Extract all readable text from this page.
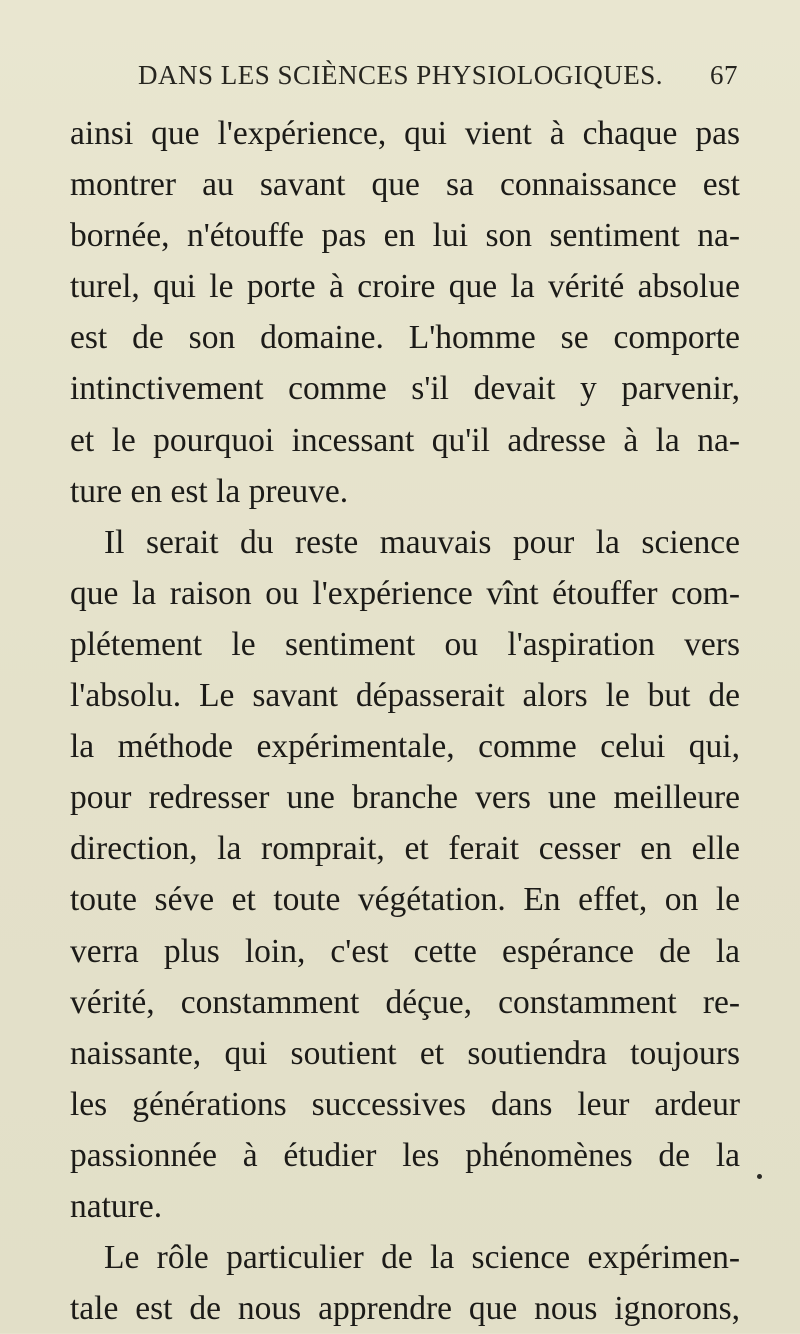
DANS LES SCIÈNCES PHYSIOLOGIQUES. 67
ainsi que l'expérience, qui vient à chaque pas
montrer au savant que sa connaissance est
bornée, n'étouffe pas en lui son sentiment na-
turel, qui le porte à croire que la vérité absolue
est de son domaine. L'homme se comporte
intinctivement comme s'il devait y parvenir,
et le pourquoi incessant qu'il adresse à la na-
ture en est la preuve.
Il serait du reste mauvais pour la science
que la raison ou l'expérience vînt étouffer com-
plétement le sentiment ou l'aspiration vers
l'absolu. Le savant dépasserait alors le but de
la méthode expérimentale, comme celui qui,
pour redresser une branche vers une meilleure
direction, la romprait, et ferait cesser en elle
toute séve et toute végétation. En effet, on le
verra plus loin, c'est cette espérance de la
vérité, constamment déçue, constamment re-
naissante, qui soutient et soutiendra toujours
les générations successives dans leur ardeur
passionnée à étudier les phénomènes de la
nature.
Le rôle particulier de la science expérimen-
tale est de nous apprendre que nous ignorons,
